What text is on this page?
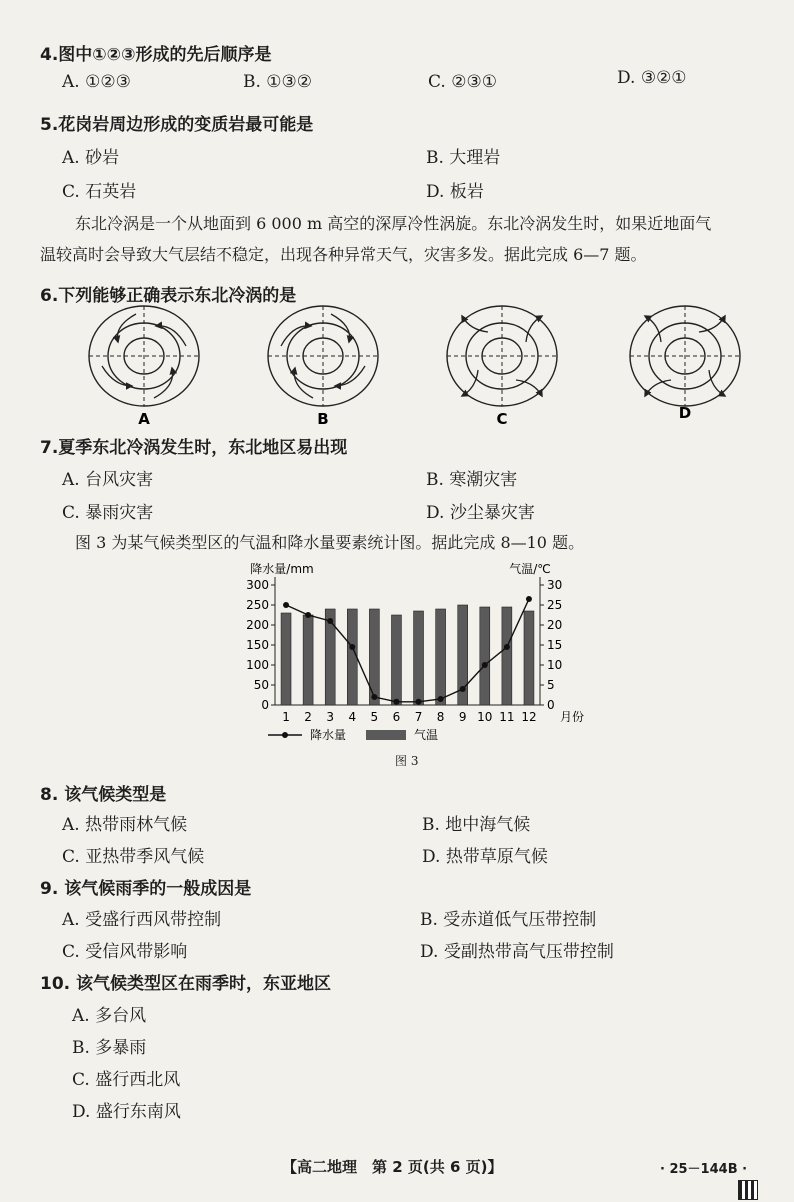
4.图中①②③形成的先后顺序是
A. ①②③	B. ①③②	C. ②③①	D. ③②①
5.花岗岩周边形成的变质岩最可能是
A. 砂岩	B. 大理岩
C. 石英岩	D. 板岩
东北冷涡是一个从地面到 6 000 m 高空的深厚冷性涡旋。东北冷涡发生时，如果近地面气
温较高时会导致大气层结不稳定，出现各种异常天气，灾害多发。据此完成 6—7 题。
6.下列能够正确表示东北冷涡的是
A	B	C	D
7.夏季东北冷涡发生时，东北地区易出现
A. 台风灾害	B. 寒潮灾害
C. 暴雨灾害	D. 沙尘暴灾害
图 3 为某气候类型区的气温和降水量要素统计图。据此完成 8—10 题。
降水量/mm	气温/℃
0
50
100
150
200
250
300
0
5
10
15
20
25
30
1 2 3 4 5 6 7 8 9 10 11 12 月份
降水量	气温
图 3
8. 该气候类型是
A. 热带雨林气候	B. 地中海气候
C. 亚热带季风气候	D. 热带草原气候
9. 该气候雨季的一般成因是
A. 受盛行西风带控制	B. 受赤道低气压带控制
C. 受信风带影响	D. 受副热带高气压带控制
10. 该气候类型区在雨季时，东亚地区
A. 多台风
B. 多暴雨
C. 盛行西北风
D. 盛行东南风
【高二地理　第 2 页(共 6 页)】	· 25－144B ·
